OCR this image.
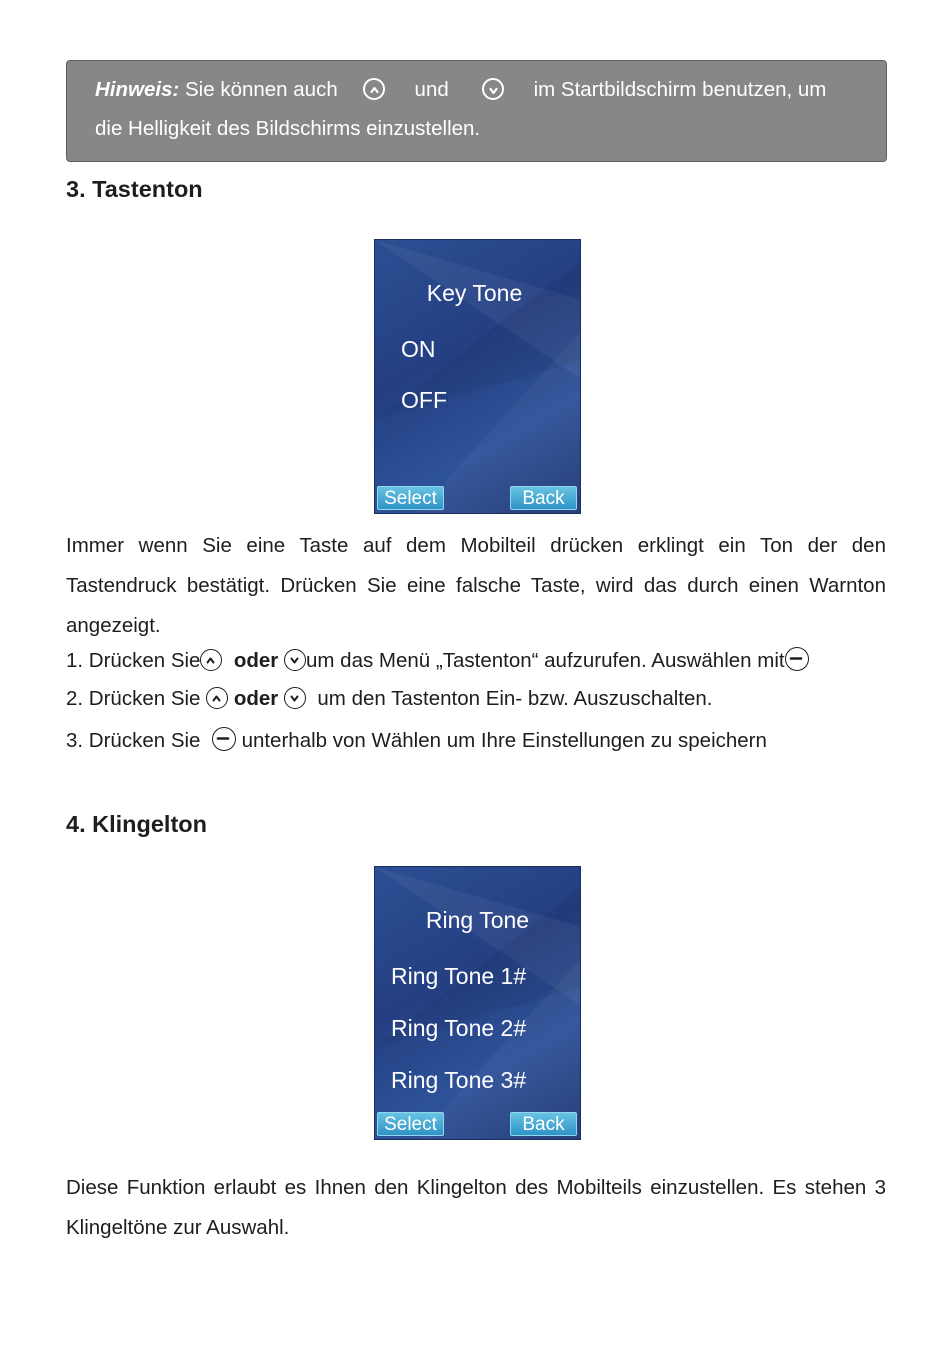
Hinweis: Sie können auch	und	im Startbildschirm benutzen, um
die Helligkeit des Bildschirms einzustellen.
3. Tastenton
Key Tone
ON
OFF
Select	Back
Immer wenn Sie eine Taste auf dem Mobilteil drücken erklingt ein Ton der den Tastendruck bestätigt. Drücken Sie eine falsche Taste, wird das durch einen Warnton angezeigt.
1. Drücken Sie oder um das Menü „Tastenton“ aufzurufen. Auswählen mit
2. Drücken Sie oder um den Tastenton Ein- bzw. Auszuschalten.
3. Drücken Sie unterhalb von Wählen um Ihre Einstellungen zu speichern
4. Klingelton
Ring Tone
Ring Tone 1#
Ring Tone 2#
Ring Tone 3#
Select	Back
Diese Funktion erlaubt es Ihnen den Klingelton des Mobilteils einzustellen. Es stehen 3 Klingeltöne zur Auswahl.
